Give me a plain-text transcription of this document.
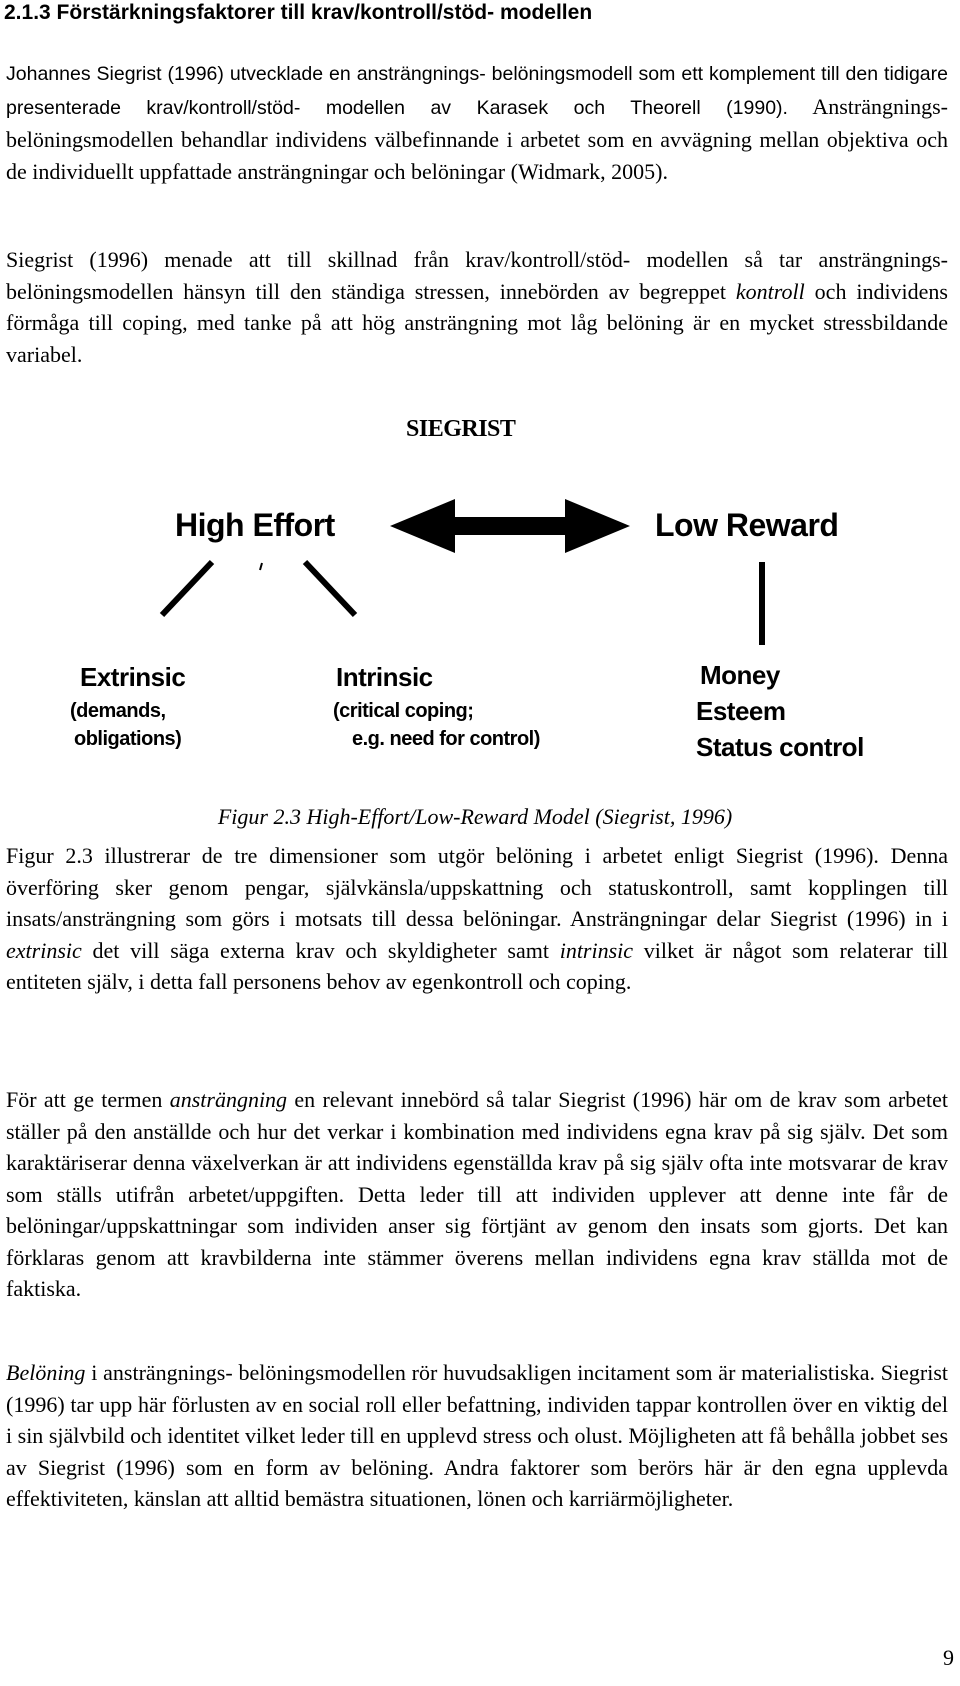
2.1.3 Förstärkningsfaktorer till krav/kontroll/stöd- modellen

Johannes Siegrist (1996) utvecklade en ansträngnings- belöningsmodell som ett komplement till den tidigare presenterade krav/kontroll/stöd- modellen av Karasek och Theorell (1990). Ansträngnings- belöningsmodellen behandlar individens välbefinnande i arbetet som en avvägning mellan objektiva och de individuellt uppfattade ansträngningar och belöningar (Widmark, 2005).

Siegrist (1996) menade att till skillnad från krav/kontroll/stöd- modellen så tar ansträngnings- belöningsmodellen hänsyn till den ständiga stressen, innebörden av begreppet kontroll och individens förmåga till coping, med tanke på att hög ansträngning mot låg belöning är en mycket stressbildande variabel.

SIEGRIST
High Effort	Low Reward
Extrinsic
(demands,
obligations)
Intrinsic
(critical coping;
e.g. need for control)
Money
Esteem
Status control

Figur 2.3 High-Effort/Low-Reward Model (Siegrist, 1996)

Figur 2.3 illustrerar de tre dimensioner som utgör belöning i arbetet enligt Siegrist (1996). Denna överföring sker genom pengar, självkänsla/uppskattning och statuskontroll, samt kopplingen till insats/ansträngning som görs i motsats till dessa belöningar. Ansträngningar delar Siegrist (1996) in i extrinsic det vill säga externa krav och skyldigheter samt intrinsic vilket är något som relaterar till entiteten själv, i detta fall personens behov av egenkontroll och coping.

För att ge termen ansträngning en relevant innebörd så talar Siegrist (1996) här om de krav som arbetet ställer på den anställde och hur det verkar i kombination med individens egna krav på sig själv. Det som karaktäriserar denna växelverkan är att individens egenställda krav på sig själv ofta inte motsvarar de krav som ställs utifrån arbetet/uppgiften. Detta leder till att individen upplever att denne inte får de belöningar/uppskattningar som individen anser sig förtjänt av genom den insats som gjorts. Det kan förklaras genom att kravbilderna inte stämmer överens mellan individens egna krav ställda mot de faktiska.

Belöning i ansträngnings- belöningsmodellen rör huvudsakligen incitament som är materialistiska. Siegrist (1996) tar upp här förlusten av en social roll eller befattning, individen tappar kontrollen över en viktig del i sin självbild och identitet vilket leder till en upplevd stress och olust. Möjligheten att få behålla jobbet ses av Siegrist (1996) som en form av belöning. Andra faktorer som berörs här är den egna upplevda effektiviteten, känslan att alltid bemästra situationen, lönen och karriärmöjligheter.

9
